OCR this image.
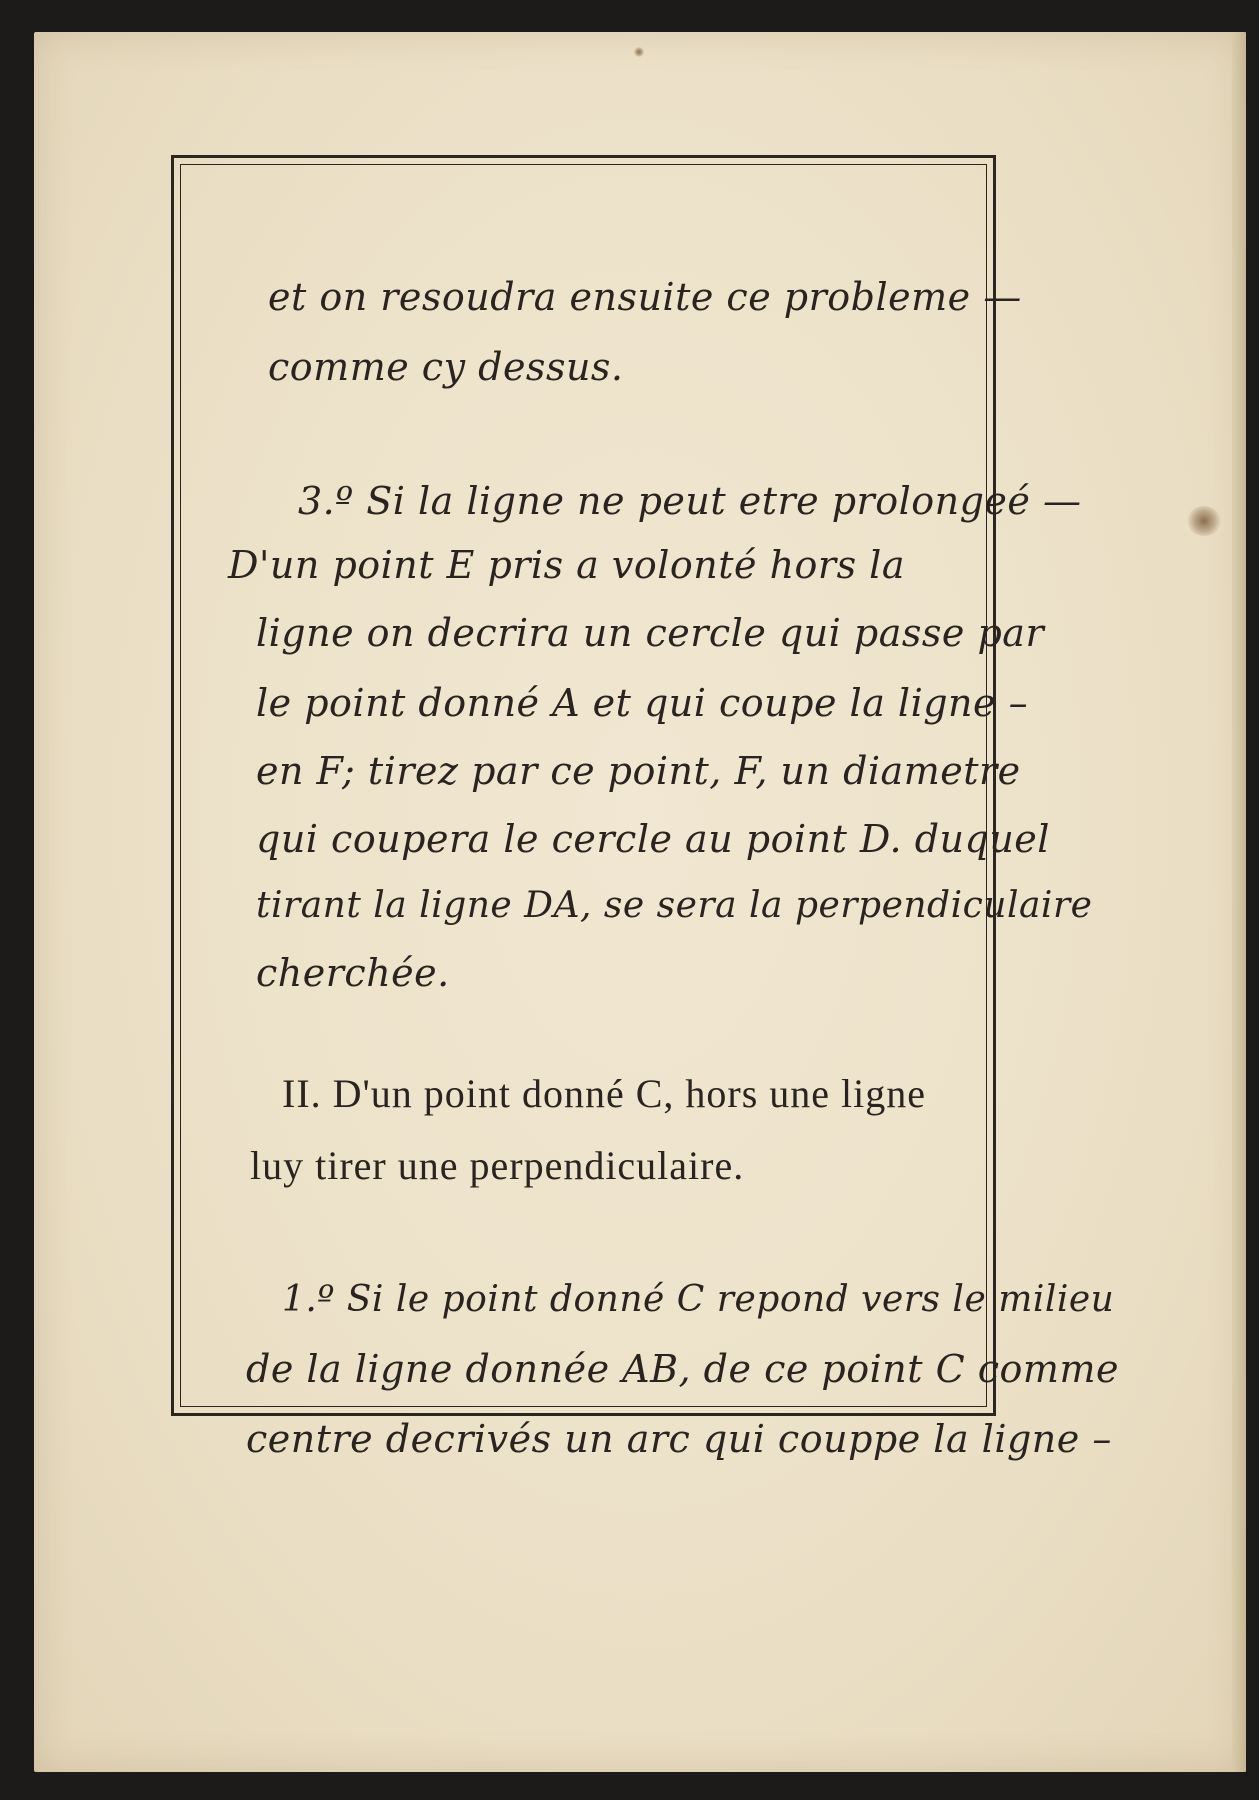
et on resoudra ensuite ce probleme —

comme cy dessus.

3.º Si la ligne ne peut etre prolongeé —

D'un point E pris a volonté hors la

ligne on decrira un cercle qui passe par

le point donné A et qui coupe la ligne –

en F; tirez par ce point, F, un diametre

qui coupera le cercle au point D. duquel

tirant la ligne DA, se sera la perpendiculaire

cherchée.

II. D'un point donné C, hors une ligne

luy tirer une perpendiculaire.

1.º Si le point donné C repond vers le milieu

de la ligne donnée AB, de ce point C comme

centre decrivés un arc qui couppe la ligne –
